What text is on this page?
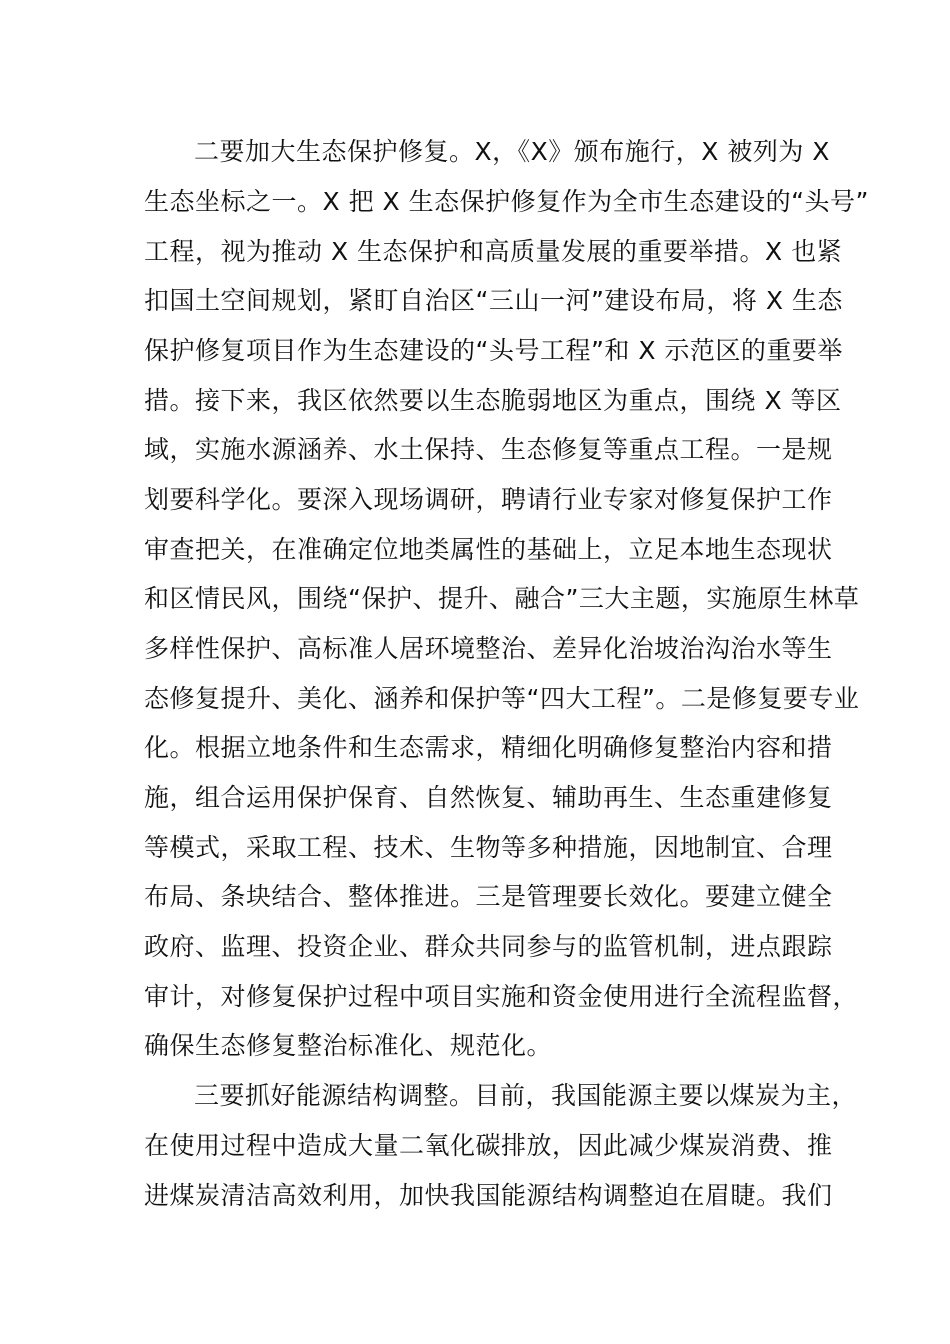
二要加大生态保护修复。X，《X》颁布施行，X 被列为 X
生态坐标之一。X 把 X 生态保护修复作为全市生态建设的“头号”
工程，视为推动 X 生态保护和高质量发展的重要举措。X 也紧
扣国土空间规划，紧盯自治区“三山一河”建设布局，将 X 生态
保护修复项目作为生态建设的“头号工程”和 X 示范区的重要举
措。接下来，我区依然要以生态脆弱地区为重点，围绕 X 等区
域，实施水源涵养、水土保持、生态修复等重点工程。一是规
划要科学化。要深入现场调研，聘请行业专家对修复保护工作
审查把关，在准确定位地类属性的基础上，立足本地生态现状
和区情民风，围绕“保护、提升、融合”三大主题，实施原生林草
多样性保护、高标准人居环境整治、差异化治坡治沟治水等生
态修复提升、美化、涵养和保护等“四大工程”。二是修复要专业
化。根据立地条件和生态需求，精细化明确修复整治内容和措
施，组合运用保护保育、自然恢复、辅助再生、生态重建修复
等模式，采取工程、技术、生物等多种措施，因地制宜、合理
布局、条块结合、整体推进。三是管理要长效化。要建立健全
政府、监理、投资企业、群众共同参与的监管机制，进点跟踪
审计，对修复保护过程中项目实施和资金使用进行全流程监督，
确保生态修复整治标准化、规范化。
三要抓好能源结构调整。目前，我国能源主要以煤炭为主，
在使用过程中造成大量二氧化碳排放，因此减少煤炭消费、推
进煤炭清洁高效利用，加快我国能源结构调整迫在眉睫。我们
